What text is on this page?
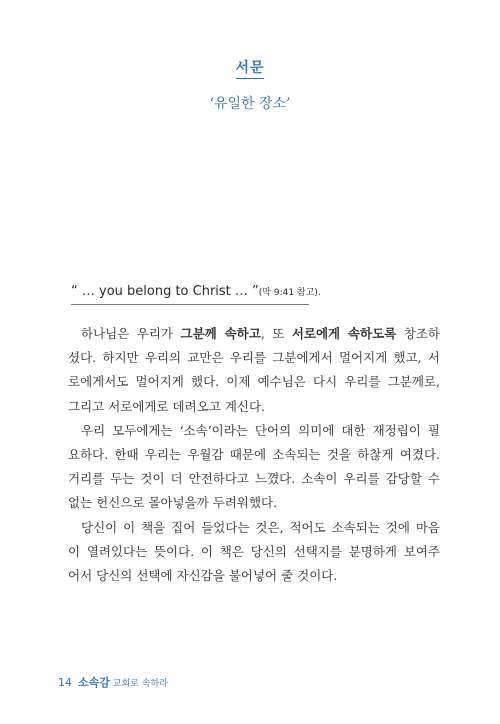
서문
‘유일한 장소’
“ … you belong to Christ … ”(막 9:41 참고).
하나님은 우리가 그분께 속하고, 또 서로에게 속하도록 창조하
셨다. 하지만 우리의 교만은 우리를 그분에게서 멀어지게 했고, 서
로에게서도 멀어지게 했다. 이제 예수님은 다시 우리를 그분께로,
그리고 서로에게로 데려오고 계신다.
우리 모두에게는 ‘소속’이라는 단어의 의미에 대한 재정립이 필
요하다. 한때 우리는 우월감 때문에 소속되는 것을 하찮게 여겼다.
거리를 두는 것이 더 안전하다고 느꼈다. 소속이 우리를 감당할 수
없는 헌신으로 몰아넣을까 두려워했다.
당신이 이 책을 집어 들었다는 것은, 적어도 소속되는 것에 마음
이 열려있다는 뜻이다. 이 책은 당신의 선택지를 분명하게 보여주
어서 당신의 선택에 자신감을 불어넣어 줄 것이다.
14 소속감 교회로 속하라
